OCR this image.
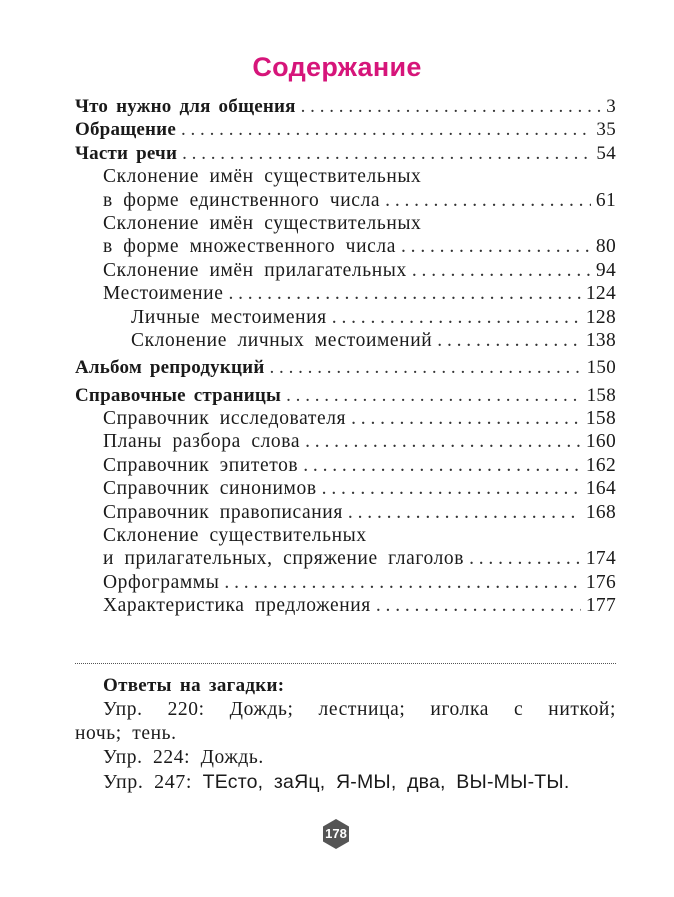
Содержание
Что нужно для общения .....	3
Обращение .....	35
Части речи .....	54
Склонение имён существительных
в форме единственного числа .....	61
Склонение имён существительных
в форме множественного числа .....	80
Склонение имён прилагательных .....	94
Местоимение .....	124
Личные местоимения .....	128
Склонение личных местоимений .....	138
Альбом репродукций .....	150
Справочные страницы .....	158
Справочник исследователя .....	158
Планы разбора слова .....	160
Справочник эпитетов .....	162
Справочник синонимов .....	164
Справочник правописания .....	168
Склонение существительных
и прилагательных, спряжение глаголов .....	174
Орфограммы .....	176
Характеристика предложения .....	177
Ответы на загадки:
Упр. 220: Дождь; лестница; иголка с ниткой;
ночь; тень.
Упр. 224: Дождь.
Упр. 247: ТЕсто, заЯц, Я-МЫ, два, ВЫ-МЫ-ТЫ.
178
